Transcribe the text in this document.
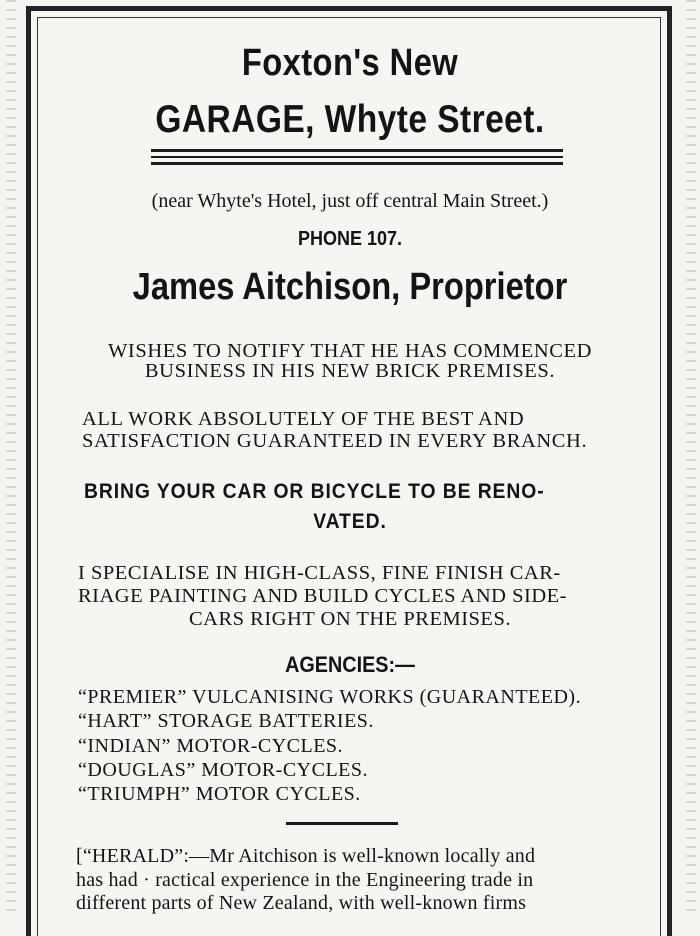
Foxton's New
GARAGE, Whyte Street.
(near Whyte's Hotel, just off central Main Street.)
PHONE 107.
James Aitchison, Proprietor
WISHES TO NOTIFY THAT HE HAS COMMENCED
BUSINESS IN HIS NEW BRICK PREMISES.
ALL WORK ABSOLUTELY OF THE BEST AND
SATISFACTION GUARANTEED IN EVERY BRANCH.
BRING YOUR CAR OR BICYCLE TO BE RENO-
VATED.
I SPECIALISE IN HIGH-CLASS, FINE FINISH CAR-
RIAGE PAINTING AND BUILD CYCLES AND SIDE-
CARS RIGHT ON THE PREMISES.
AGENCIES:—
“PREMIER” VULCANISING WORKS (GUARANTEED).
“HART” STORAGE BATTERIES.
“INDIAN” MOTOR-CYCLES.
“DOUGLAS” MOTOR-CYCLES.
“TRIUMPH” MOTOR CYCLES.
[“HERALD”:—Mr Aitchison is well-known locally and
has had · ractical experience in the Engineering trade in
different parts of New Zealand, with well-known firms
